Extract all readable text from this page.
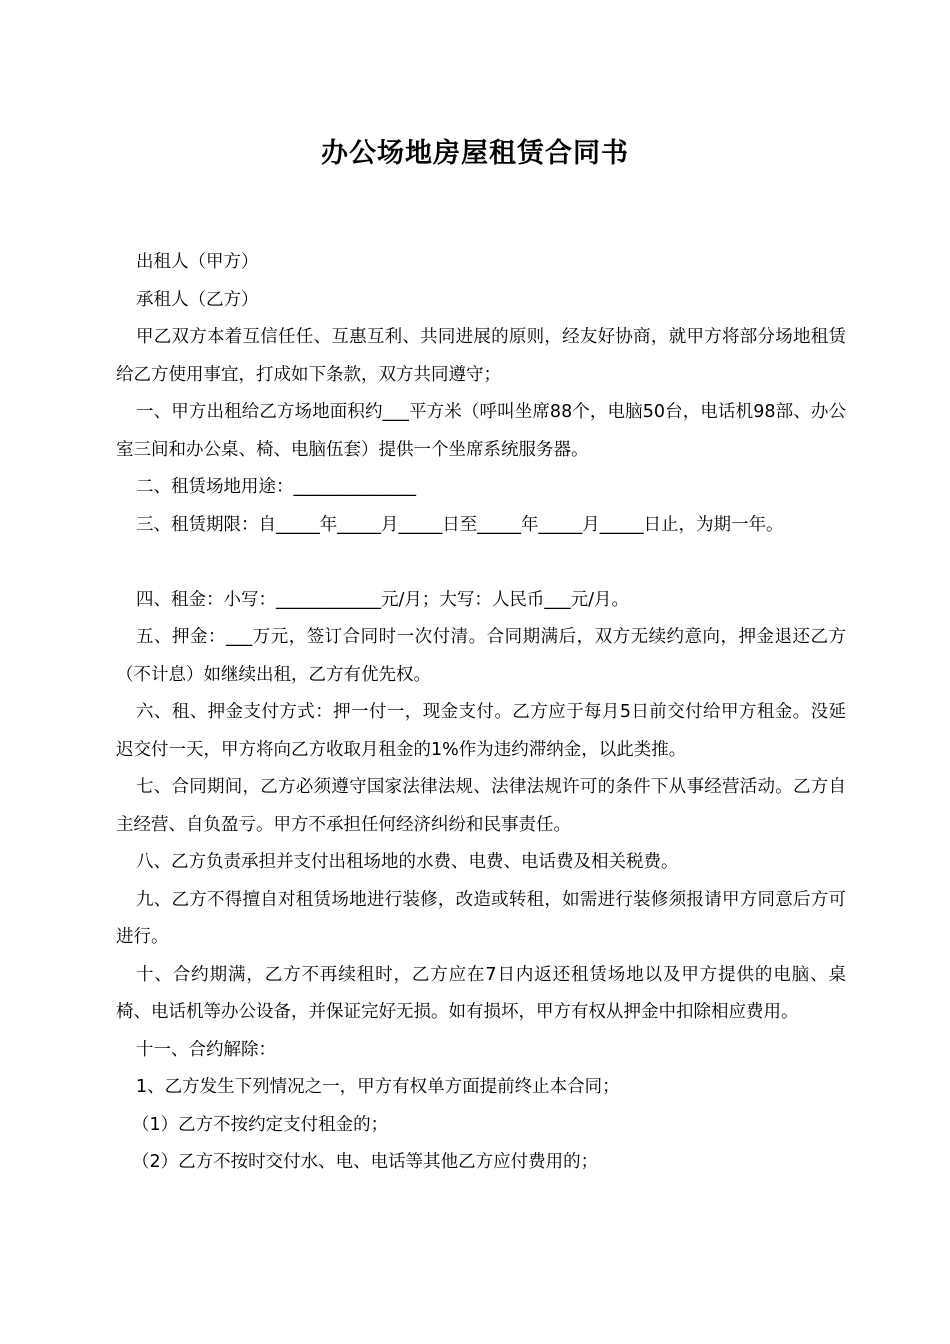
办公场地房屋租赁合同书

出租人（甲方）

承租人（乙方）

甲乙双方本着互信任任、互惠互利、共同进展的原则，经友好协商，就甲方将部分场地租赁给乙方使用事宜，打成如下条款，双方共同遵守；

一、甲方出租给乙方场地面积约___平方米（呼叫坐席88个，电脑50台，电话机98部、办公室三间和办公桌、椅、电脑伍套）提供一个坐席系统服务器。

二、租赁场地用途：______________

三、租赁期限：自_____年_____月_____日至_____年_____月_____日止，为期一年。

四、租金：小写：____________元/月；大写：人民币___元/月。

五、押金：___万元，签订合同时一次付清。合同期满后，双方无续约意向，押金退还乙方（不计息）如继续出租，乙方有优先权。

六、租、押金支付方式：押一付一，现金支付。乙方应于每月5日前交付给甲方租金。没延迟交付一天，甲方将向乙方收取月租金的1%作为违约滞纳金，以此类推。

七、合同期间，乙方必须遵守国家法律法规、法律法规许可的条件下从事经营活动。乙方自主经营、自负盈亏。甲方不承担任何经济纠纷和民事责任。

八、乙方负责承担并支付出租场地的水费、电费、电话费及相关税费。

九、乙方不得擅自对租赁场地进行装修，改造或转租，如需进行装修须报请甲方同意后方可进行。

十、合约期满，乙方不再续租时，乙方应在7日内返还租赁场地以及甲方提供的电脑、桌椅、电话机等办公设备，并保证完好无损。如有损坏，甲方有权从押金中扣除相应费用。

十一、合约解除：

1、乙方发生下列情况之一，甲方有权单方面提前终止本合同；

（1）乙方不按约定支付租金的；

（2）乙方不按时交付水、电、电话等其他乙方应付费用的；
